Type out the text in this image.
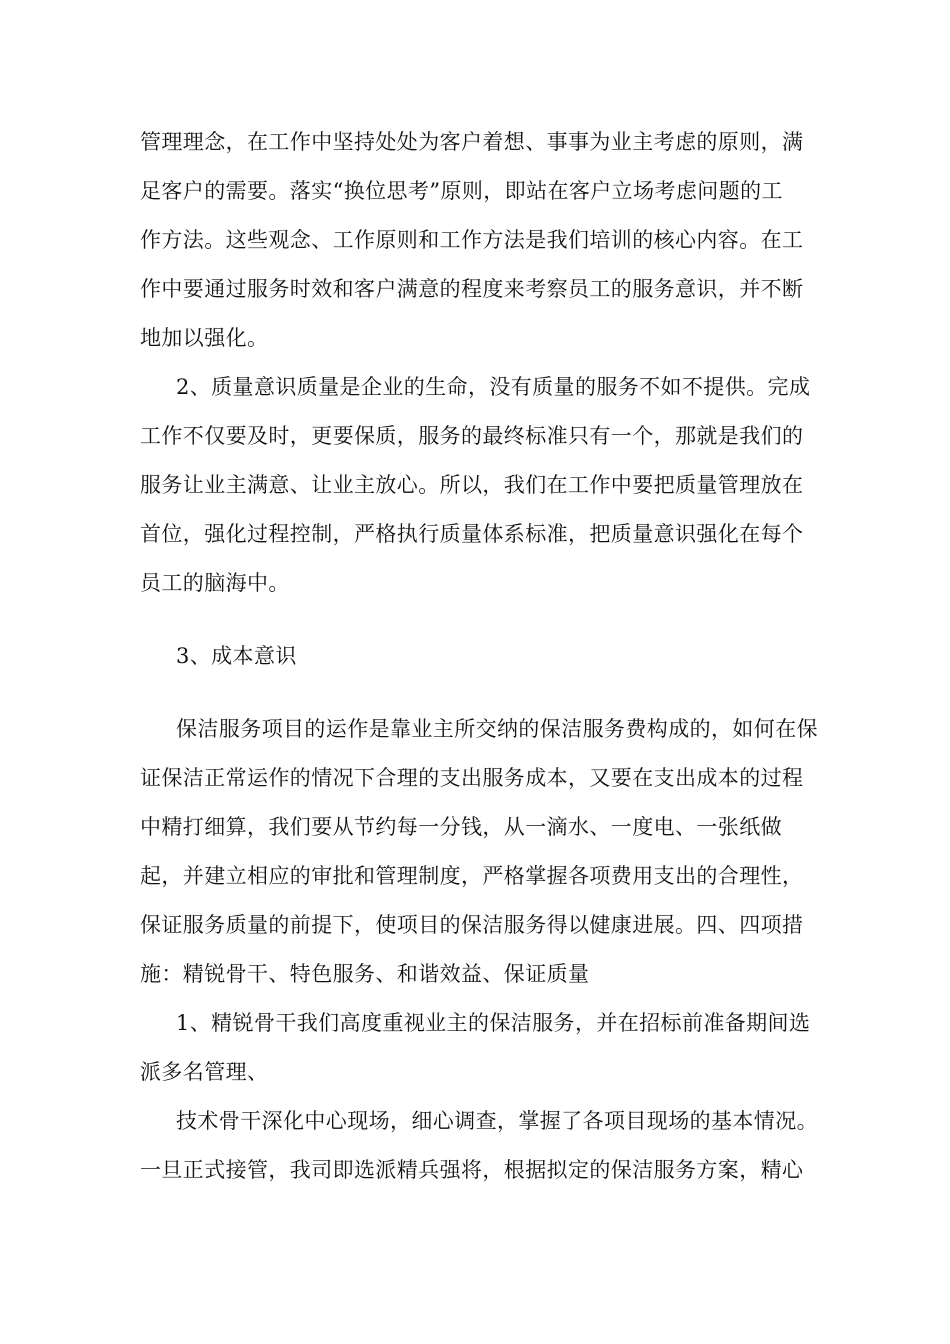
管理理念，在工作中坚持处处为客户着想、事事为业主考虑的原则，满
足客户的需要。落实“换位思考”原则，即站在客户立场考虑问题的工
作方法。这些观念、工作原则和工作方法是我们培训的核心内容。在工
作中要通过服务时效和客户满意的程度来考察员工的服务意识，并不断
地加以强化。
2、质量意识质量是企业的生命，没有质量的服务不如不提供。完成
工作不仅要及时，更要保质，服务的最终标准只有一个，那就是我们的
服务让业主满意、让业主放心。所以，我们在工作中要把质量管理放在
首位，强化过程控制，严格执行质量体系标准，把质量意识强化在每个
员工的脑海中。
3、成本意识
保洁服务项目的运作是靠业主所交纳的保洁服务费构成的，如何在保
证保洁正常运作的情况下合理的支出服务成本，又要在支出成本的过程
中精打细算，我们要从节约每一分钱，从一滴水、一度电、一张纸做
起，并建立相应的审批和管理制度，严格掌握各项费用支出的合理性，
保证服务质量的前提下，使项目的保洁服务得以健康进展。四、四项措
施：精锐骨干、特色服务、和谐效益、保证质量
1、精锐骨干我们高度重视业主的保洁服务，并在招标前准备期间选
派多名管理、
技术骨干深化中心现场，细心调查，掌握了各项目现场的基本情况。
一旦正式接管，我司即选派精兵强将，根据拟定的保洁服务方案，精心
